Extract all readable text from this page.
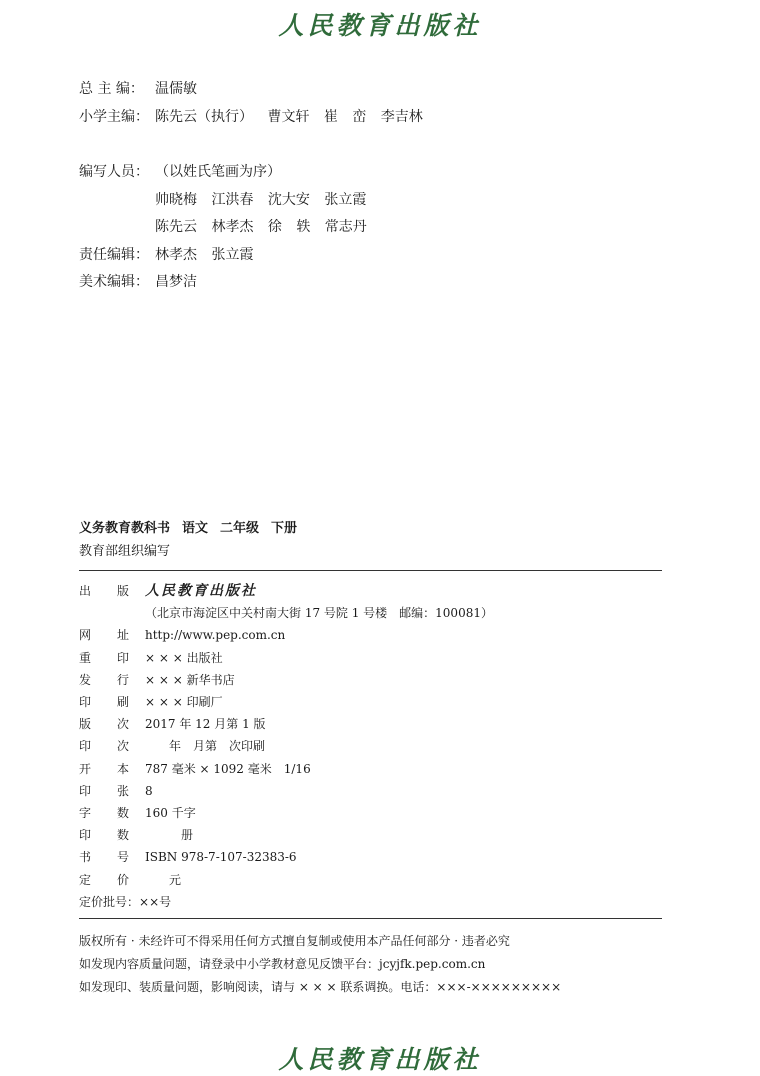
人民教育出版社
总 主 编： 温儒敏
小学主编： 陈先云（执行） 曹文轩 崔 峦 李吉林
编写人员： （以姓氏笔画为序）
帅晓梅 江洪春 沈大安 张立霞
陈先云 林孝杰 徐 轶 常志丹
责任编辑： 林孝杰 张立霞
美术编辑： 昌梦洁
义务教育教科书 语文 二年级 下册
教育部组织编写
出 版 人民教育出版社
（北京市海淀区中关村南大街 17 号院 1 号楼　邮编：100081）
网 址 http://www.pep.com.cn
重 印 × × × 出版社
发 行 × × × 新华书店
印 刷 × × × 印刷厂
版 次 2017 年 12 月第 1 版
印 次　　年　月第　次印刷
开 本 787 毫米 × 1092 毫米　1/16
印 张 8
字 数 160 千字
印 数　　　册
书 号 ISBN 978-7-107-32383-6
定 价　　元
定价批号：××号
版权所有 · 未经许可不得采用任何方式擅自复制或使用本产品任何部分 · 违者必究
如发现内容质量问题，请登录中小学教材意见反馈平台：jcyjfk.pep.com.cn
如发现印、装质量问题，影响阅读，请与 × × × 联系调换。电话：×××-×××××××××
人民教育出版社
